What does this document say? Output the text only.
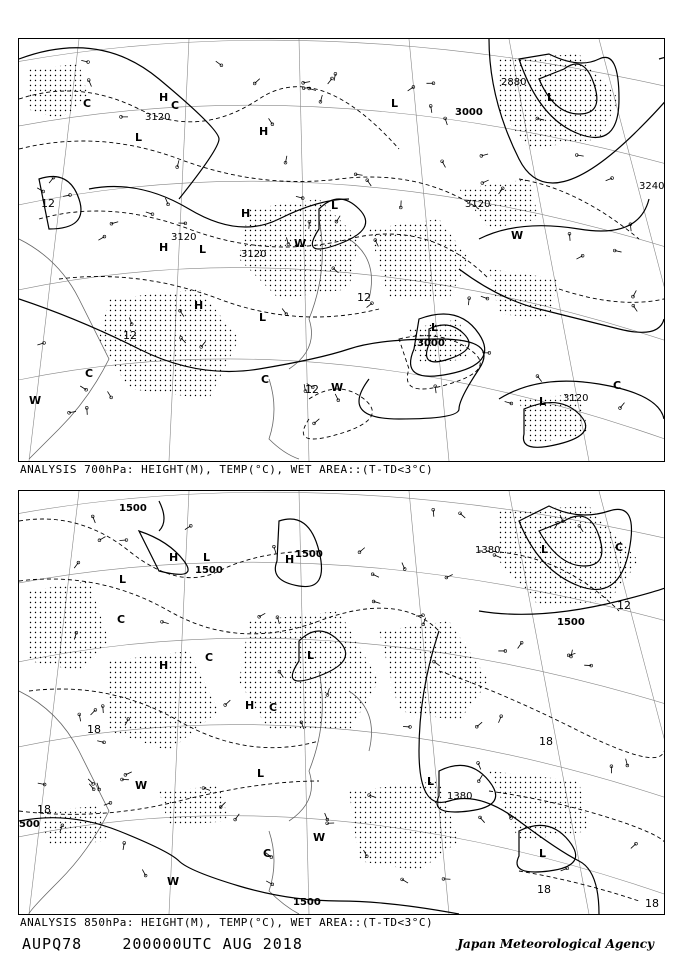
H
H
H
H
H
L
L	L
L
L
L
L
L
W
W
W
W
C	C
C	C	C
3120
3120
3120
3120
3000
3000
3120
3240
2880
12
12
12
12
ANALYSIS 700hPa: HEIGHT(M), TEMP(°C), WET AREA::(T-TD<3°C)
H	H
H
H
L
L
L
L
L
L
L
W
W
W
C
C
C
C
C
1500
1500
1500
1500
1500
500
1380
1380
18
18
18
18
18
12
ANALYSIS 850hPa: HEIGHT(M), TEMP(°C), WET AREA::(T-TD<3°C)
AUPQ78	200000UTC AUG 2018	Japan Meteorological Agency
